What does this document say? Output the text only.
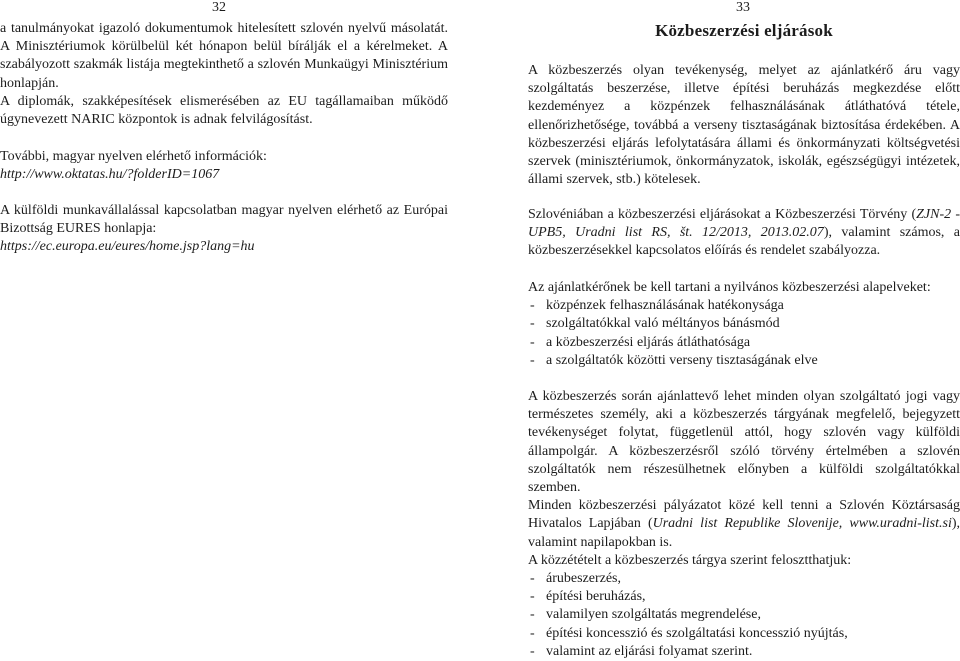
32

a tanulmányokat igazoló dokumentumok hitelesített szlovén nyelvű másolatát. A Minisztériumok körülbelül két hónapon belül bírálják el a kérelmeket. A szabályozott szakmák listája megtekinthető a szlovén Munkaügyi Minisztérium honlapján.

A diplomák, szakképesítések elismerésében az EU tagállamaiban működő úgynevezett NARIC központok is adnak felvilágosítást.

További, magyar nyelven elérhető információk:
http://www.oktatas.hu/?folderID=1067

A külföldi munkavállalással kapcsolatban magyar nyelven elérhető az Európai Bizottság EURES honlapja:
https://ec.europa.eu/eures/home.jsp?lang=hu

33
Közbeszerzési eljárások

A közbeszerzés olyan tevékenység, melyet az ajánlatkérő áru vagy szolgáltatás beszerzése, illetve építési beruházás megkezdése előtt kezdeményez a közpénzek felhasználásának átláthatóvá tétele, ellenőrizhetősége, továbbá a verseny tisztaságának biztosítása érdekében. A közbeszerzési eljárás lefolytatására állami és önkormányzati költségvetési szervek (minisztériumok, önkormányzatok, iskolák, egészségügyi intézetek, állami szervek, stb.) kötelesek.

Szlovéniában a közbeszerzési eljárásokat a Közbeszerzési Törvény (ZJN-2 - UPB5, Uradni list RS, št. 12/2013, 2013.02.07), valamint számos, a közbeszerzésekkel kapcsolatos előírás és rendelet szabályozza.

Az ajánlatkérőnek be kell tartani a nyilvános közbeszerzési alapelveket:

- közpénzek felhasználásának hatékonysága

- szolgáltatókkal való méltányos bánásmód

- a közbeszerzési eljárás átláthatósága

- a szolgáltatók közötti verseny tisztaságának elve

A közbeszerzés során ajánlattevő lehet minden olyan szolgáltató jogi vagy természetes személy, aki a közbeszerzés tárgyának megfelelő, bejegyzett tevékenységet folytat, függetlenül attól, hogy szlovén vagy külföldi állampolgár. A közbeszerzésről szóló törvény értelmében a szlovén szolgáltatók nem részesülhetnek előnyben a külföldi szolgáltatókkal szemben.

Minden közbeszerzési pályázatot közé kell tenni a Szlovén Köztársaság Hivatalos Lapjában (Uradni list Republike Slovenije, www.uradni-list.si), valamint napilapokban is.

A közzétételt a közbeszerzés tárgya szerint felosztthatjuk:

- árubeszerzés,

- építési beruházás,

- valamilyen szolgáltatás megrendelése,

- építési koncesszió és szolgáltatási koncesszió nyújtás,

- valamint az eljárási folyamat szerint.
